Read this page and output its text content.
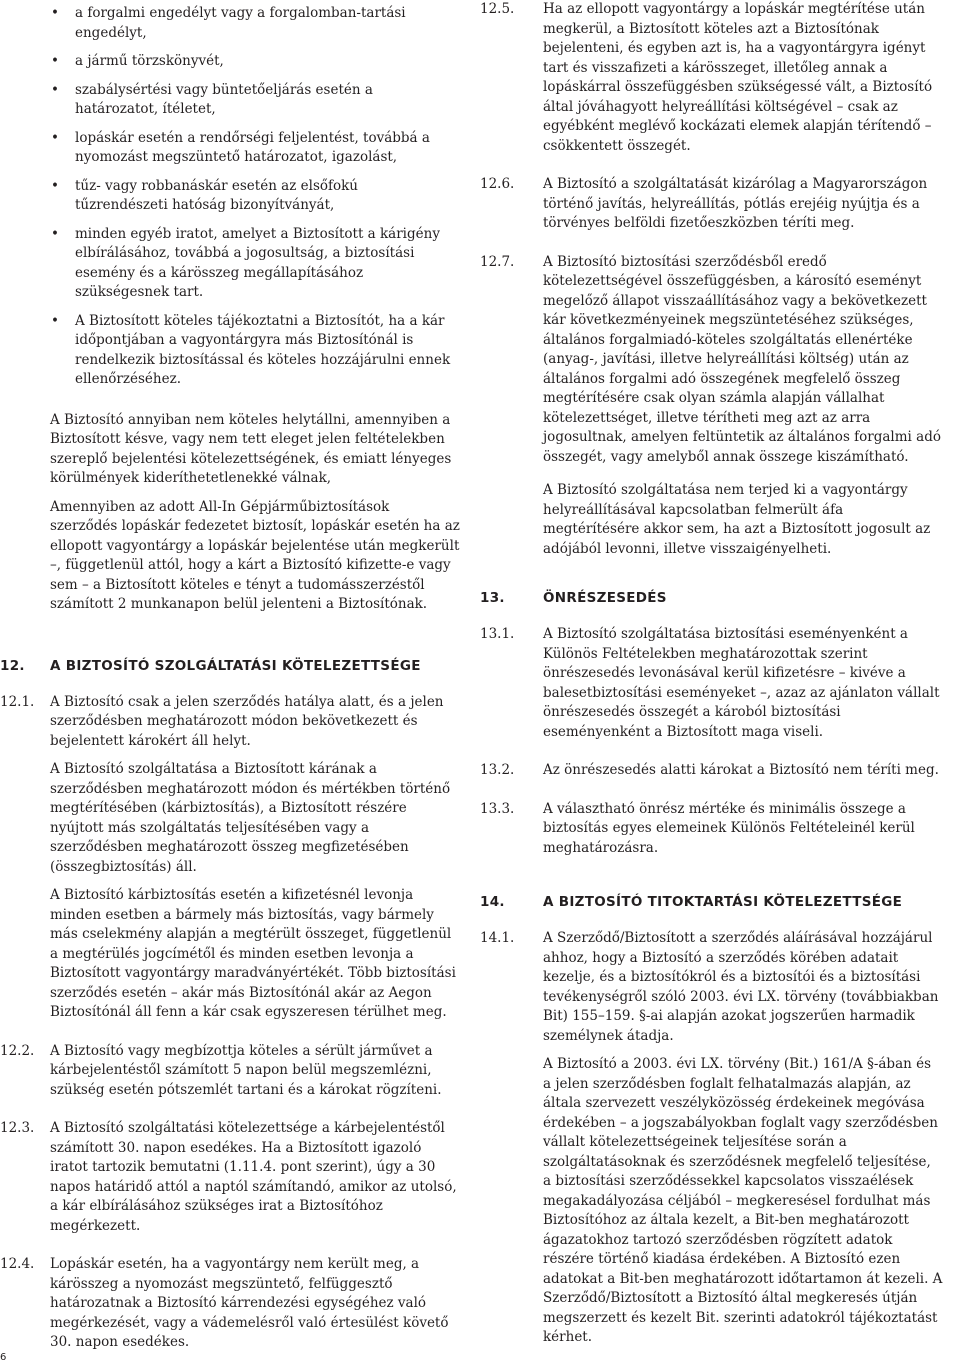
• a forgalmi engedélyt vagy a forgalomban-tartási engedélyt,
• a jármű törzskönyvét,
• szabálysértési vagy büntetőeljárás esetén a határozatot, ítéletet,
• lopáskár esetén a rendőrségi feljelentést, továbbá a nyomozást megszüntető határozatot, igazolást,
• tűz- vagy robbanáskár esetén az elsőfokú tűzrendészeti hatóság bizonyítványát,
• minden egyéb iratot, amelyet a Biztosított a kárigény elbírálásához, továbbá a jogosultság, a biztosítási esemény és a kárösszeg megállapításához szükségesnek tart.
• A Biztosított köteles tájékoztatni a Biztosítót, ha a kár időpontjában a vagyontárgyra más Biztosítónál is rendelkezik biztosítással és köteles hozzájárulni ennek ellenőrzéséhez.

A Biztosító annyiban nem köteles helytállni, amennyiben a Biztosított késve, vagy nem tett eleget jelen feltételekben szereplő bejelentési kötelezettségének, és emiatt lényeges körülmények kideríthetetlenekké válnak,

Amennyiben az adott All-In Gépjárműbiztosítások szerződés lopáskár fedezetet biztosít, lopáskár esetén ha az ellopott vagyontárgy a lopáskár bejelentése után megkerült –, függetlenül attól, hogy a kárt a Biztosító kifizette-e vagy sem – a Biztosított köteles e tényt a tudomásszerzéstől számított 2 munkanapon belül jelenteni a Biztosítónak.

12. A BIZTOSÍTÓ SZOLGÁLTATÁSI KÖTELEZETTSÉGE
12.1. A Biztosító csak a jelen szerződés hatálya alatt, és a jelen szerződésben meghatározott módon bekövetkezett és bejelentett károkért áll helyt.

A Biztosító szolgáltatása a Biztosított kárának a szerződésben meghatározott módon és mértékben történő megtérítésében (kárbiztosítás), a Biztosított részére nyújtott más szolgáltatás teljesítésében vagy a szerződésben meghatározott összeg megfizetésében (összegbiztosítás) áll.

A Biztosító kárbiztosítás esetén a kifizetésnél levonja minden esetben a bármely más biztosítás, vagy bármely más cselekmény alapján a megtérült összeget, függetlenül a megtérülés jogcímétől és minden esetben levonja a Biztosított vagyontárgy maradványértékét. Több biztosítási szerződés esetén – akár más Biztosítónál akár az Aegon Biztosítónál áll fenn a kár csak egyszeresen térülhet meg.

12.2. A Biztosító vagy megbízottja köteles a sérült járművet a kárbejelentéstől számított 5 napon belül megszemlézni, szükség esetén pótszemlét tartani és a károkat rögzíteni.
12.3. A Biztosító szolgáltatási kötelezettsége a kárbejelentéstől számított 30. napon esedékes. Ha a Biztosított igazoló iratot tartozik bemutatni (1.11.4. pont szerint), úgy a 30 napos határidő attól a naptól számítandó, amikor az utolsó, a kár elbírálásához szükséges irat a Biztosítóhoz megérkezett.
12.4. Lopáskár esetén, ha a vagyontárgy nem került meg, a kárösszeg a nyomozást megszüntető, felfüggesztő határozatnak a Biztosító kárrendezési egységéhez való megérkezését, vagy a vádemelésről való értesülést követő 30. napon esedékes.
12.5. Ha az ellopott vagyontárgy a lopáskár megtérítése után megkerül, a Biztosított köteles azt a Biztosítónak bejelenteni, és egyben azt is, ha a vagyontárgyra igényt tart és visszafizeti a kárösszeget, illetőleg annak a lopáskárral összefüggésben szükségessé vált, a Biztosító által jóváhagyott helyreállítási költségével – csak az egyébként meglévő kockázati elemek alapján térítendő – csökkentett összegét.
12.6. A Biztosító a szolgáltatását kizárólag a Magyarországon történő javítás, helyreállítás, pótlás erejéig nyújtja és a törvényes belföldi fizetőeszközben téríti meg.
12.7. A Biztosító biztosítási szerződésből eredő kötelezettségével összefüggésben, a károsító eseményt megelőző állapot visszaállításához vagy a bekövetkezett kár következményeinek megszüntetéséhez szükséges, általános forgalmiadó-köteles szolgáltatás ellenértéke (anyag-, javítási, illetve helyreállítási költség) után az általános forgalmi adó összegének megfelelő összeg megtérítésére csak olyan számla alapján vállalhat kötelezettséget, illetve térítheti meg azt az arra jogosultnak, amelyen feltüntetik az általános forgalmi adó összegét, vagy amelyből annak összege kiszámítható.

A Biztosító szolgáltatása nem terjed ki a vagyontárgy helyreállításával kapcsolatban felmerült áfa megtérítésére akkor sem, ha azt a Biztosított jogosult az adójából levonni, illetve visszaigényelheti.

13.	ÖNRÉSZESEDÉS
13.1. A Biztosító szolgáltatása biztosítási eseményenként a Különös Feltételekben meghatározottak szerint önrészesedés levonásával kerül kifizetésre – kivéve a balesetbiztosítási eseményeket –, azaz az ajánlaton vállalt önrészesedés összegét a károból biztosítási eseményenként a Biztosított maga viseli.
13.2. Az önrészesedés alatti károkat a Biztosító nem téríti meg.
13.3. A választható önrész mértéke és minimális összege a biztosítás egyes elemeinek Különös Feltételeinél kerül meghatározásra.
14.	A BIZTOSÍTÓ TITOKTARTÁSI KÖTELEZETTSÉGE
14.1. A Szerződő/Biztosított a szerződés aláírásával hozzájárul ahhoz, hogy a Biztosító a szerződés körében adatait kezelje, és a biztosítókról és a biztosítói és a biztosítási tevékenységről szóló 2003. évi LX. törvény (továbbiakban Bit) 155–159. §-ai alapján azokat jogszerűen harmadik személynek átadja.

A Biztosító a 2003. évi LX. törvény (Bit.) 161/A §-ában és a jelen szerződésben foglalt felhatalmazás alapján, az általa szervezett veszélyközösség érdekeinek megóvása érdekében – a jogszabályokban foglalt vagy szerződésben vállalt kötelezettségeinek teljesítése során a szolgáltatásoknak és szerződésnek megfelelő teljesítése, a biztosítási szerződéssekkel kapcsolatos visszaélések megakadályozása céljából – megkeresésel fordulhat más Biztosítóhoz az általa kezelt, a Bit-ben meghatározott ágazatokhoz tartozó szerződésben rögzített adatok részére történő kiadása érdekében. A Biztosító ezen adatokat a Bit-ben meghatározott időtartamon át kezeli. A Szerződő/Biztosított a Biztosító által megkeresés útján megszerzett és kezelt Bit. szerinti adatokról tájékoztatást kérhet.

6
